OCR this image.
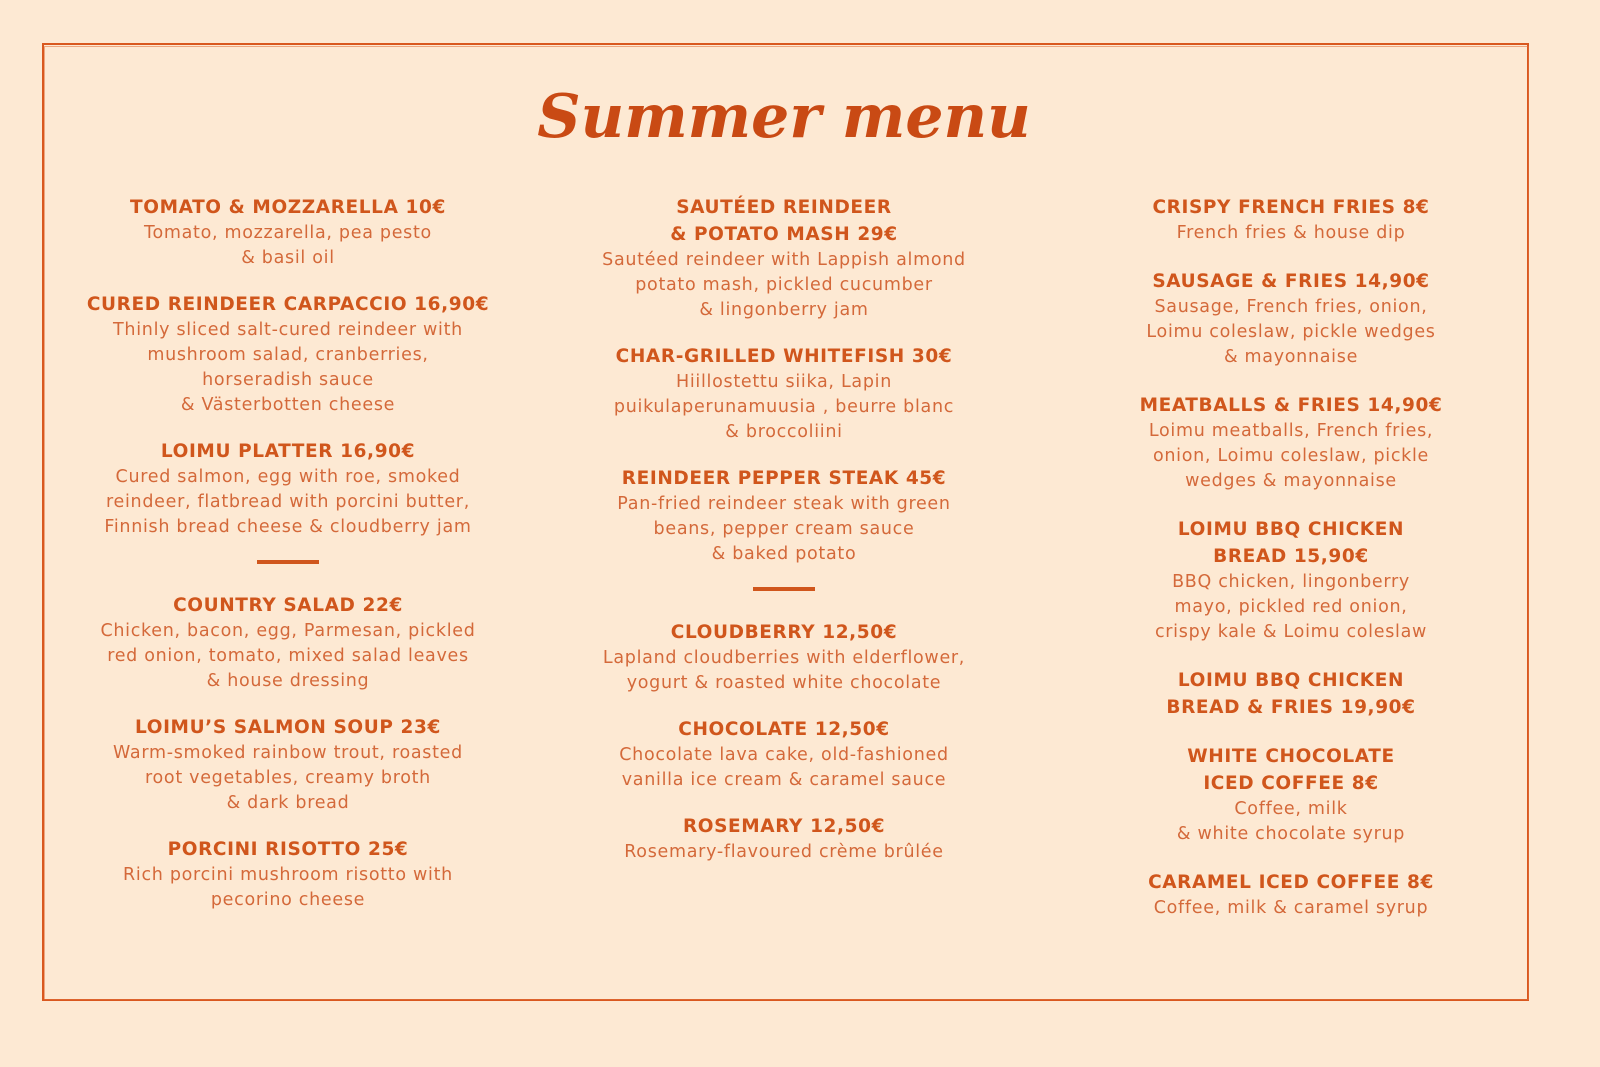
Summer menu
TOMATO & MOZZARELLA 10€
Tomato, mozzarella, pea pesto
& basil oil
CURED REINDEER CARPACCIO 16,90€
Thinly sliced salt-cured reindeer with
mushroom salad, cranberries,
horseradish sauce
& Västerbotten cheese
LOIMU PLATTER 16,90€
Cured salmon, egg with roe, smoked
reindeer, flatbread with porcini butter,
Finnish bread cheese & cloudberry jam
COUNTRY SALAD 22€
Chicken, bacon, egg, Parmesan, pickled
red onion, tomato, mixed salad leaves
& house dressing
LOIMU’S SALMON SOUP 23€
Warm-smoked rainbow trout, roasted
root vegetables, creamy broth
& dark bread
PORCINI RISOTTO 25€
Rich porcini mushroom risotto with
pecorino cheese
SAUTÉED REINDEER
& POTATO MASH 29€
Sautéed reindeer with Lappish almond
potato mash, pickled cucumber
& lingonberry jam
CHAR-GRILLED WHITEFISH 30€
Hiillostettu siika, Lapin
puikulaperunamuusia , beurre blanc
& broccoliini
REINDEER PEPPER STEAK 45€
Pan-fried reindeer steak with green
beans, pepper cream sauce
& baked potato
CLOUDBERRY 12,50€
Lapland cloudberries with elderflower,
yogurt & roasted white chocolate
CHOCOLATE 12,50€
Chocolate lava cake, old-fashioned
vanilla ice cream & caramel sauce
ROSEMARY 12,50€
Rosemary-flavoured crème brûlée
CRISPY FRENCH FRIES 8€
French fries & house dip
SAUSAGE & FRIES 14,90€
Sausage, French fries, onion,
Loimu coleslaw, pickle wedges
& mayonnaise
MEATBALLS & FRIES 14,90€
Loimu meatballs, French fries,
onion, Loimu coleslaw, pickle
wedges & mayonnaise
LOIMU BBQ CHICKEN
BREAD 15,90€
BBQ chicken, lingonberry
mayo, pickled red onion,
crispy kale & Loimu coleslaw
LOIMU BBQ CHICKEN
BREAD & FRIES 19,90€
WHITE CHOCOLATE
ICED COFFEE 8€
Coffee, milk
& white chocolate syrup
CARAMEL ICED COFFEE 8€
Coffee, milk & caramel syrup
